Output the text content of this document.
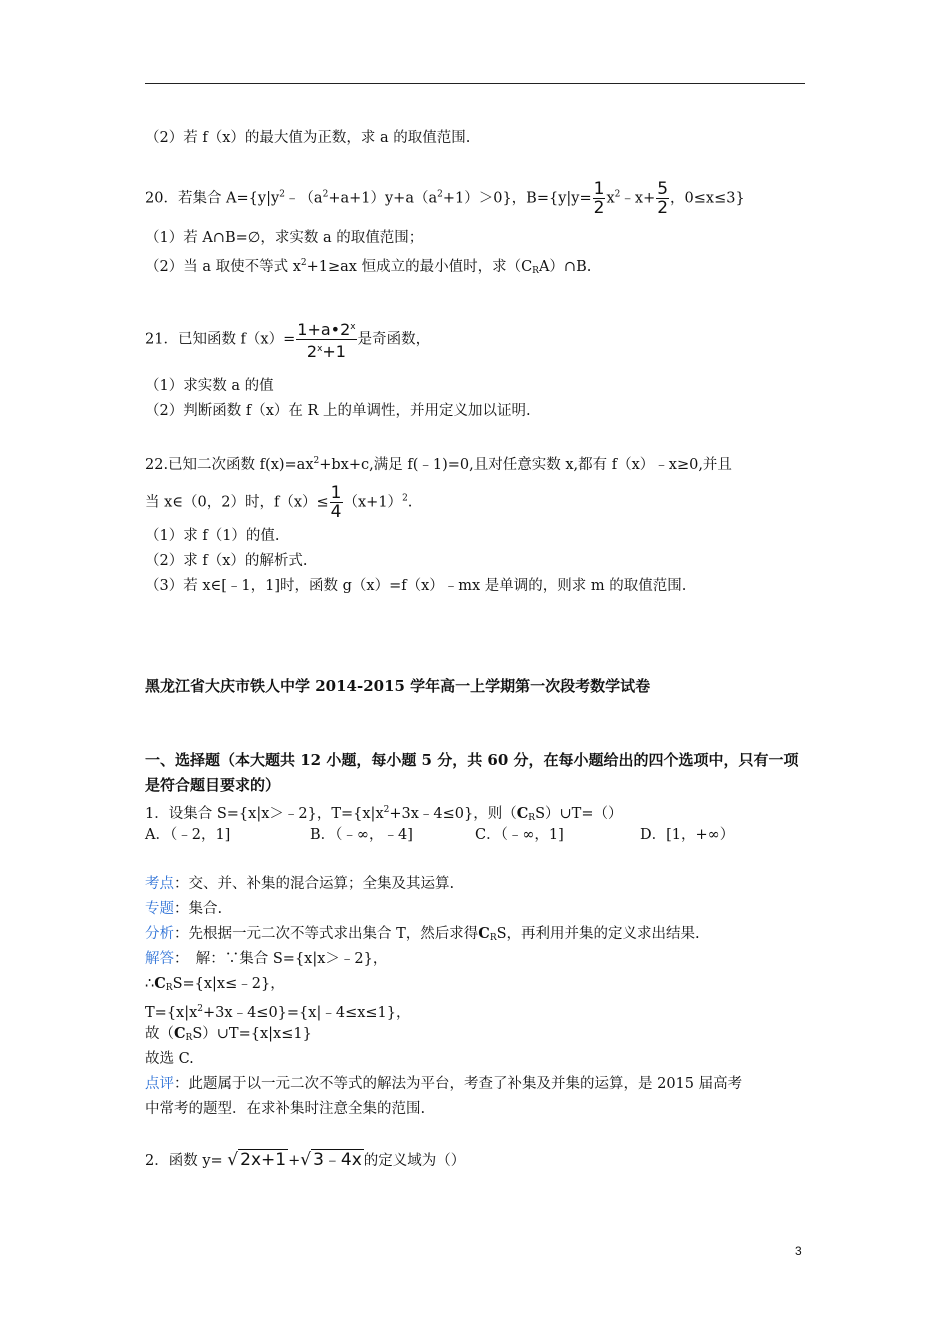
（2）若 f（x）的最大值为正数，求 a 的取值范围.
20．若集合 $A=\{y|y^2﹣(a^2+a+1)y+a(a^2+1)>0\}$，$B=\{y|y= \frac{1}{2}$ $x^2﹣x+ \frac{5}{2}$ ，0≤x≤3}
（1）若 A∩B=∅，求实数 a 的取值范围；
（2）当 a 取使不等式 $x^2+1\ge ax$ 恒成立的最小值时，求$(C_RA)\cap B$.
21．已知函数 $f(x)= \frac{1+a•2^x}{2^x+1}$ 是奇函数，
（1）求实数 a 的值
（2）判断函数 f（x）在 R 上的单调性，并用定义加以证明.
22.已知二次函数 $f(x)=ax^2+bx+c$,满足 f(﹣1)=0,且对任意实数 x,都有 f（x）﹣x≥0,并且
当 x∈（0，2）时，$f(x)\le \frac{1}{4} (x+1)^2$.
（1）求 f（1）的值.
（2）求 f（x）的解析式.
（3）若 x∈[﹣1，1]时，函数 g（x）=f（x）﹣mx 是单调的，则求 m 的取值范围.
黑龙江省大庆市铁人中学 2014-2015 学年高一上学期第一次段考数学试卷
一、选择题（本大题共 12 小题，每小题 5 分，共 60 分，在每小题给出的四个选项中，只有一项
是符合题目要求的）
1．设集合 S={x|x＞﹣2}，$T=\{x|x^2+3x﹣4\le 0\}$，则$(C_RS)\cup T=()$
A．（﹣2，1]	B．（﹣∞，﹣4]	C．（﹣∞，1]	D．[1，+∞）
考点：交、并、补集的混合运算；全集及其运算.
专题：集合.
分析：先根据一元二次不等式求出集合 T，然后求得$C_RS$，再利用并集的定义求出结果.
解答：　解：∵集合 S={x|x＞﹣2}，
$\therefore C_RS=\{x|x\le﹣2\}$，
$T=\{x|x^2+3x﹣4\le 0\}=\{x|﹣4\le x\le 1\}$，
故$(C_RS)\cup T=\{x|x\le 1\}$
故选 C.
点评：此题属于以一元二次不等式的解法为平台，考查了补集及并集的运算，是 2015 届高考
中常考的题型．在求补集时注意全集的范围.
2．函数 y= √ 2x+1 +√ 3﹣4x 的定义域为（）
3
